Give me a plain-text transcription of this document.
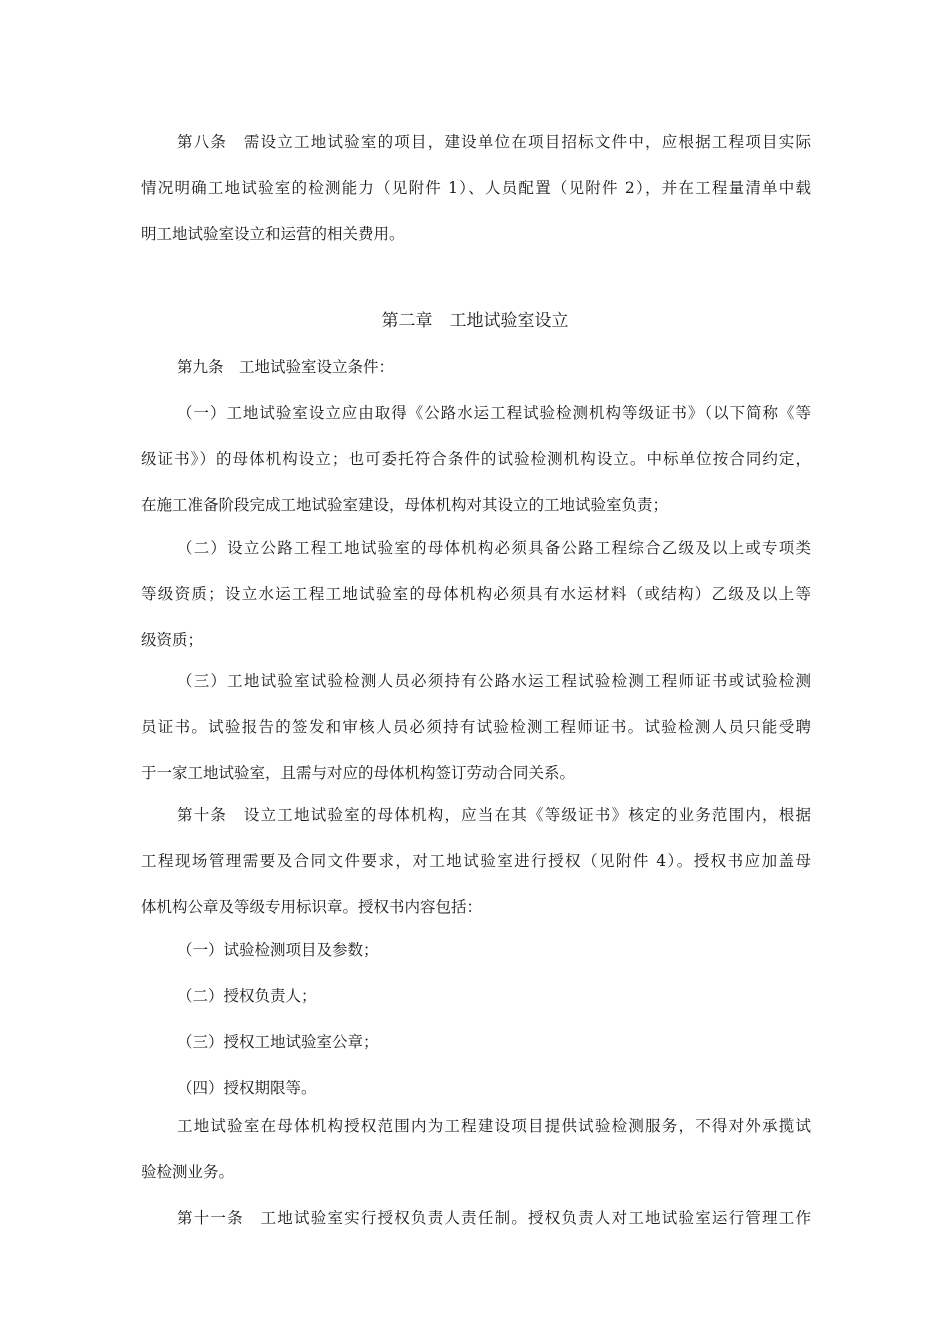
第八条　需设立工地试验室的项目，建设单位在项目招标文件中，应根据工程项目实际
情况明确工地试验室的检测能力（见附件 1）、人员配置（见附件 2），并在工程量清单中载
明工地试验室设立和运营的相关费用。
第二章　工地试验室设立
第九条　工地试验室设立条件：
（一）工地试验室设立应由取得《公路水运工程试验检测机构等级证书》（以下简称《等
级证书》）的母体机构设立；也可委托符合条件的试验检测机构设立。中标单位按合同约定，
在施工准备阶段完成工地试验室建设，母体机构对其设立的工地试验室负责；
（二）设立公路工程工地试验室的母体机构必须具备公路工程综合乙级及以上或专项类
等级资质；设立水运工程工地试验室的母体机构必须具有水运材料（或结构）乙级及以上等
级资质；
（三）工地试验室试验检测人员必须持有公路水运工程试验检测工程师证书或试验检测
员证书。试验报告的签发和审核人员必须持有试验检测工程师证书。试验检测人员只能受聘
于一家工地试验室，且需与对应的母体机构签订劳动合同关系。
第十条　设立工地试验室的母体机构，应当在其《等级证书》核定的业务范围内，根据
工程现场管理需要及合同文件要求，对工地试验室进行授权（见附件 4）。授权书应加盖母
体机构公章及等级专用标识章。授权书内容包括：
（一）试验检测项目及参数；
（二）授权负责人；
（三）授权工地试验室公章；
（四）授权期限等。
工地试验室在母体机构授权范围内为工程建设项目提供试验检测服务，不得对外承揽试
验检测业务。
第十一条　工地试验室实行授权负责人责任制。授权负责人对工地试验室运行管理工作
